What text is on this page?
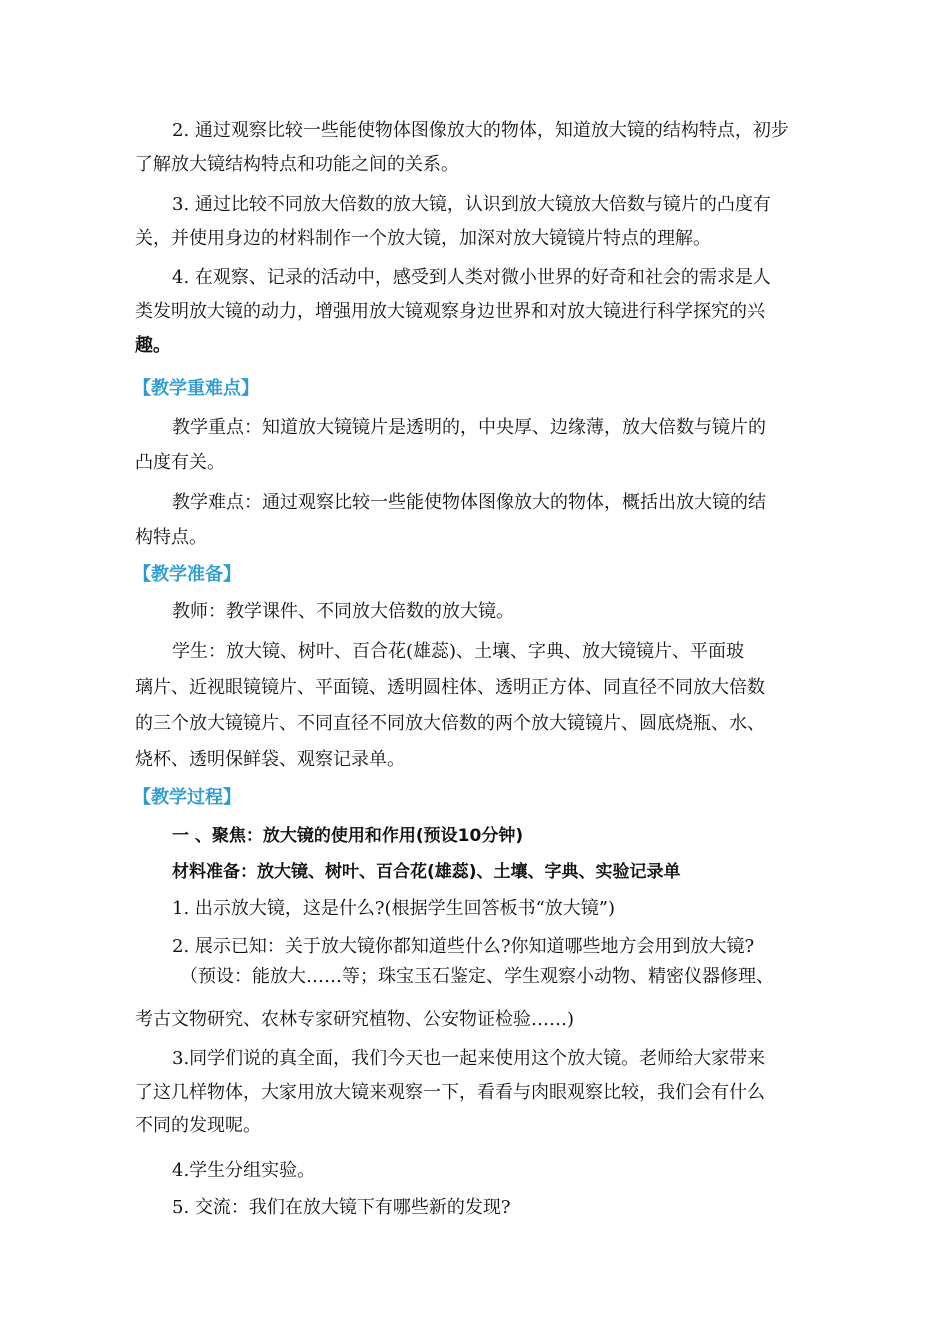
2. 通过观察比较一些能使物体图像放大的物体，知道放大镜的结构特点，初步

了解放大镜结构特点和功能之间的关系。

3. 通过比较不同放大倍数的放大镜，认识到放大镜放大倍数与镜片的凸度有

关，并使用身边的材料制作一个放大镜，加深对放大镜镜片特点的理解。

4. 在观察、记录的活动中，感受到人类对微小世界的好奇和社会的需求是人

类发明放大镜的动力，增强用放大镜观察身边世界和对放大镜进行科学探究的兴

趣。

【教学重难点】

教学重点：知道放大镜镜片是透明的，中央厚、边缘薄，放大倍数与镜片的

凸度有关。

教学难点：通过观察比较一些能使物体图像放大的物体，概括出放大镜的结

构特点。

【教学准备】

教师：教学课件、不同放大倍数的放大镜。

学生：放大镜、树叶、百合花(雄蕊)、土壤、字典、放大镜镜片、平面玻

璃片、近视眼镜镜片、平面镜、透明圆柱体、透明正方体、同直径不同放大倍数

的三个放大镜镜片、不同直径不同放大倍数的两个放大镜镜片、圆底烧瓶、水、

烧杯、透明保鲜袋、观察记录单。

【教学过程】

一 、聚焦：放大镜的使用和作用(预设10分钟)

材料准备：放大镜、树叶、百合花(雄蕊)、土壤、字典、实验记录单

1. 出示放大镜，这是什么?(根据学生回答板书“放大镜”)

2. 展示已知：关于放大镜你都知道些什么?你知道哪些地方会用到放大镜?

（预设：能放大……等；珠宝玉石鉴定、学生观察小动物、精密仪器修理、

考古文物研究、农林专家研究植物、公安物证检验……)

3.同学们说的真全面，我们今天也一起来使用这个放大镜。老师给大家带来

了这几样物体，大家用放大镜来观察一下，看看与肉眼观察比较，我们会有什么

不同的发现呢。

4.学生分组实验。

5. 交流：我们在放大镜下有哪些新的发现?
